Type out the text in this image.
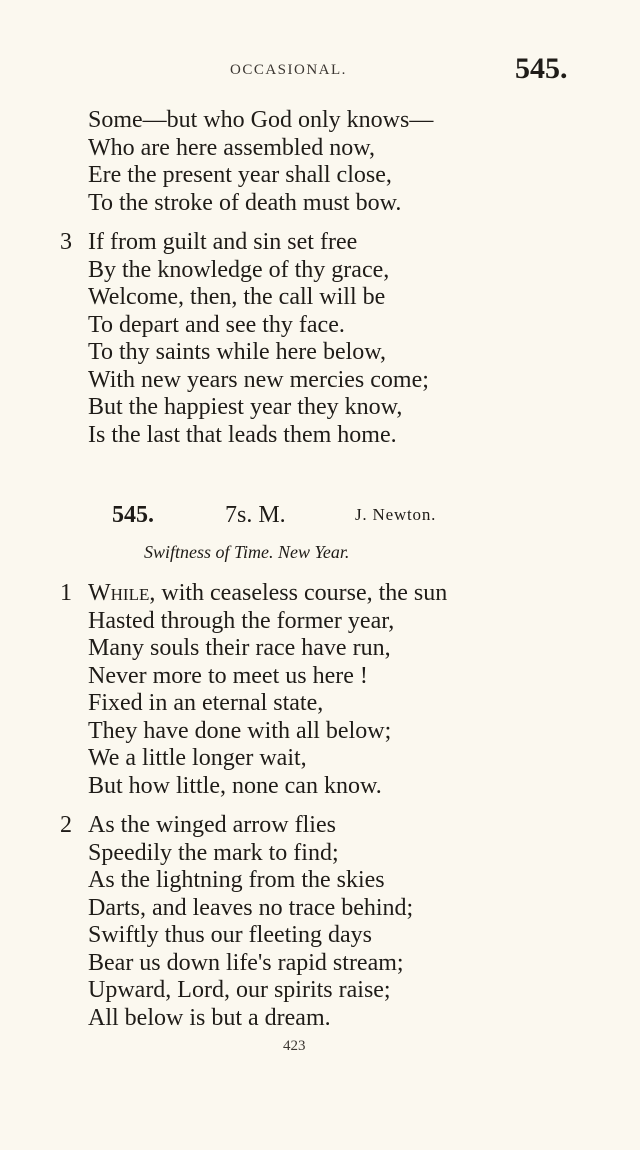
OCCASIONAL.	545.
Some—but who God only knows—
Who are here assembled now,
Ere the present year shall close,
To the stroke of death must bow.
3 If from guilt and sin set free
By the knowledge of thy grace,
Welcome, then, the call will be
To depart and see thy face.
To thy saints while here below,
With new years new mercies come;
But the happiest year they know,
Is the last that leads them home.
545.	7s. M.	J. Newton.
Swiftness of Time. New Year.
1 While, with ceaseless course, the sun
Hasted through the former year,
Many souls their race have run,
Never more to meet us here !
Fixed in an eternal state,
They have done with all below;
We a little longer wait,
But how little, none can know.
2 As the winged arrow flies
Speedily the mark to find;
As the lightning from the skies
Darts, and leaves no trace behind;
Swiftly thus our fleeting days
Bear us down life's rapid stream;
Upward, Lord, our spirits raise;
All below is but a dream.
423
